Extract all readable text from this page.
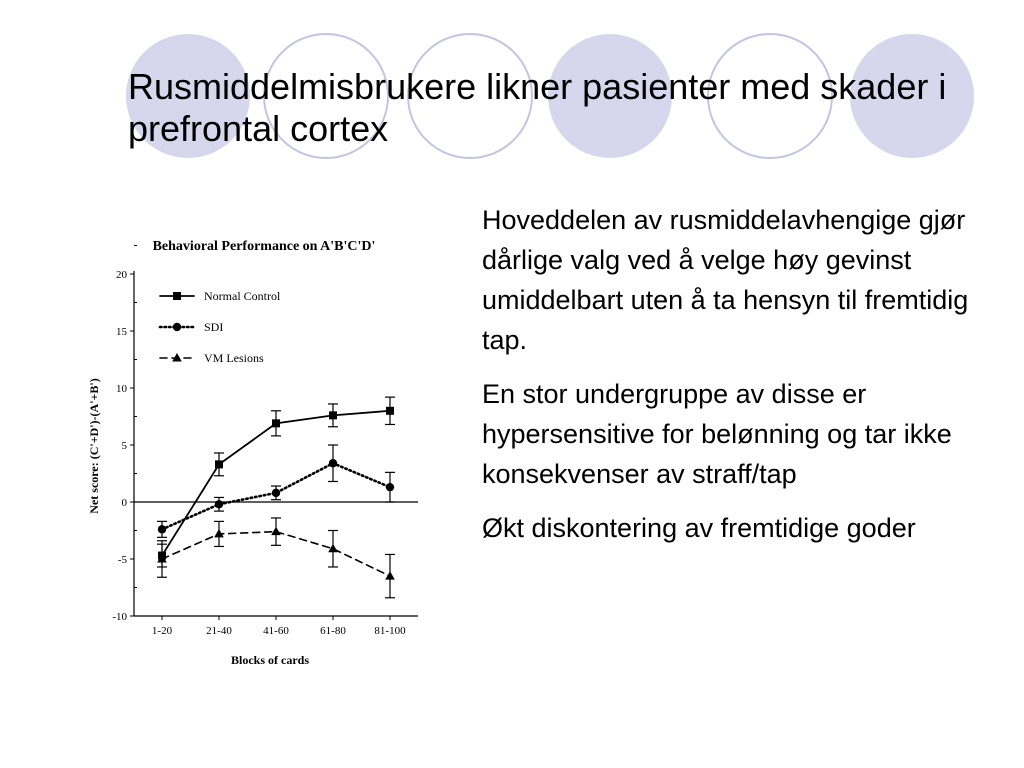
Rusmiddelmisbrukere likner pasienter med skader i prefrontal cortex
Behavioral Performance on A'B'C'D'
Blocks of cards
Net score: (C'+D')-(A'+B')
-10
-5
0
5
10
15
20
1-20	21-40	41-60	61-80	81-100
Normal Control
SDI
VM Lesions

Hoveddelen av rusmiddelavhengige gjør dårlige valg ved å velge høy gevinst umiddelbart uten å ta hensyn til fremtidig tap.

En stor undergruppe av disse er hypersensitive for belønning og tar ikke konsekvenser av straff/tap

Økt diskontering av fremtidige goder
